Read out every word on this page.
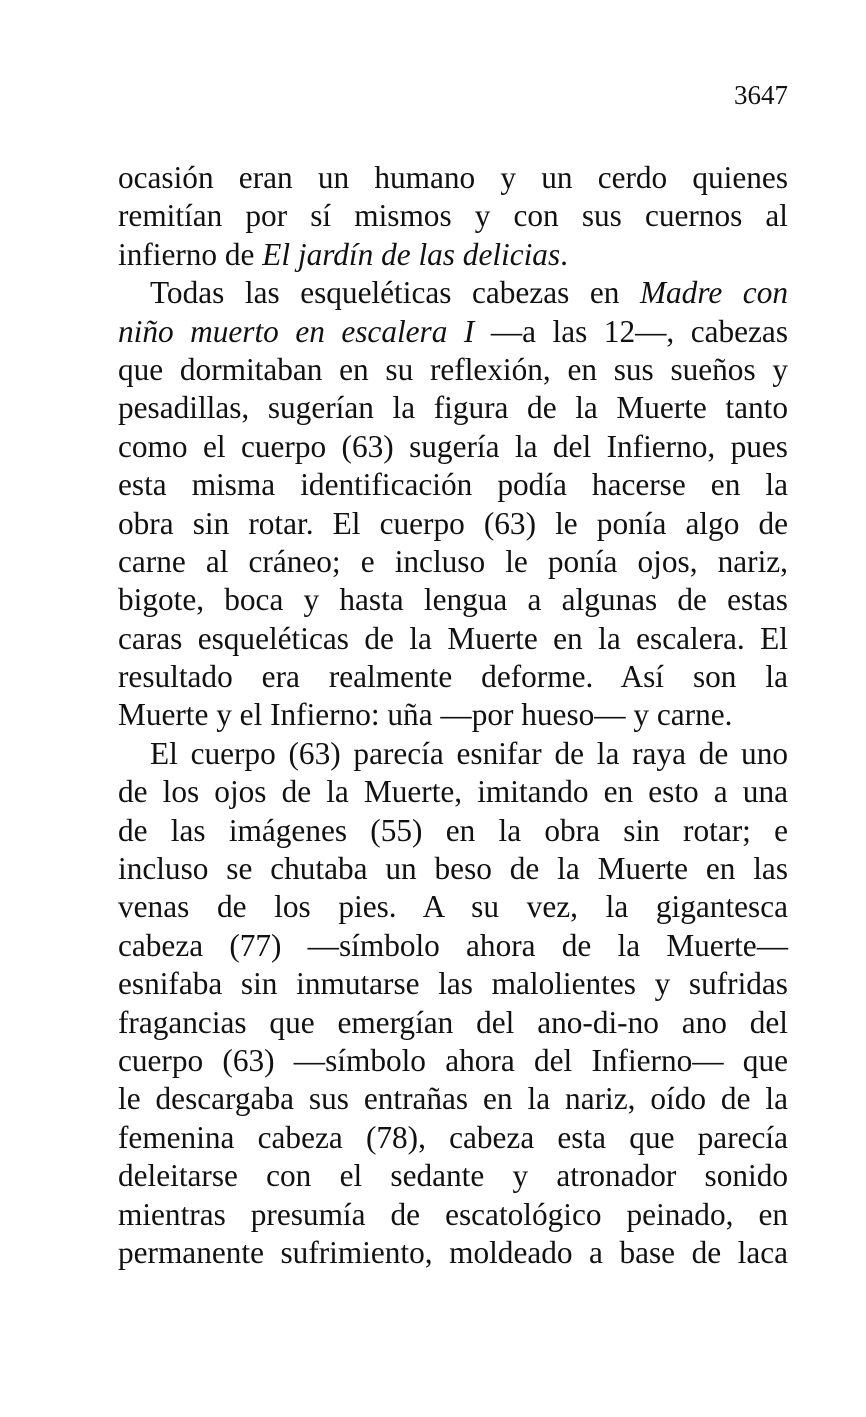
3647
ocasión eran un humano y un cerdo quienes
remitían por sí mismos y con sus cuernos al
infierno de El jardín de las delicias.
Todas las esqueléticas cabezas en Madre con
niño muerto en escalera I —a las 12—, cabezas
que dormitaban en su reflexión, en sus sueños y
pesadillas, sugerían la figura de la Muerte tanto
como el cuerpo (63) sugería la del Infierno, pues
esta misma identificación podía hacerse en la
obra sin rotar. El cuerpo (63) le ponía algo de
carne al cráneo; e incluso le ponía ojos, nariz,
bigote, boca y hasta lengua a algunas de estas
caras esqueléticas de la Muerte en la escalera. El
resultado era realmente deforme. Así son la
Muerte y el Infierno: uña —por hueso— y carne.
El cuerpo (63) parecía esnifar de la raya de uno
de los ojos de la Muerte, imitando en esto a una
de las imágenes (55) en la obra sin rotar; e
incluso se chutaba un beso de la Muerte en las
venas de los pies. A su vez, la gigantesca
cabeza (77) —símbolo ahora de la Muerte—
esnifaba sin inmutarse las malolientes y sufridas
fragancias que emergían del ano-di-no ano del
cuerpo (63) —símbolo ahora del Infierno— que
le descargaba sus entrañas en la nariz, oído de la
femenina cabeza (78), cabeza esta que parecía
deleitarse con el sedante y atronador sonido
mientras presumía de escatológico peinado, en
permanente sufrimiento, moldeado a base de laca
